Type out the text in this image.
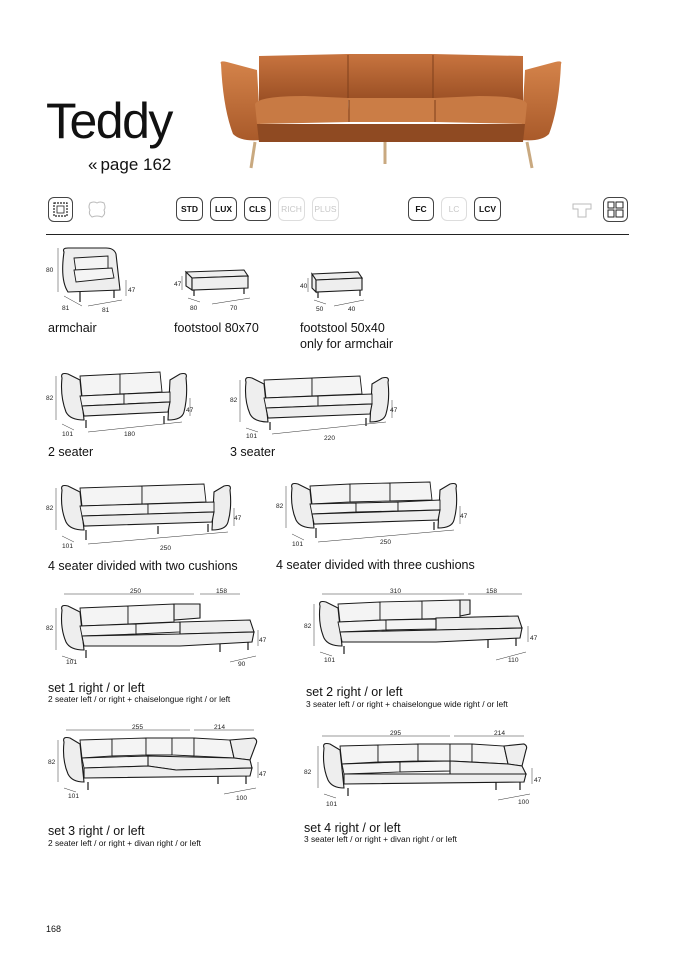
Teddy
« page 162
STD	LUX	CLS	RICH	PLUS	FC	LC	LCV
80
81	81
47
armchair
47
80	70
footstool 80x70
40
50	40
footstool 50x40
only for armchair
82
47
101	180
2 seater
82
47
101	220
3 seater
82
47
101	250
4 seater divided with two cushions
82
47
101	250
4 seater divided with three cushions
250	158
82
47
101	90
set 1 right / or left
2 seater left / or right + chaiselongue right / or left
310	158
82
47
101	110
set 2 right / or left
3 seater left / or right + chaiselongue wide right / or left
255	214
82
47
101	100
set 3 right / or left
2 seater left / or right + divan right / or left
295	214
82
47
101	100
set 4 right / or left
3 seater left / or right + divan right / or left
168
